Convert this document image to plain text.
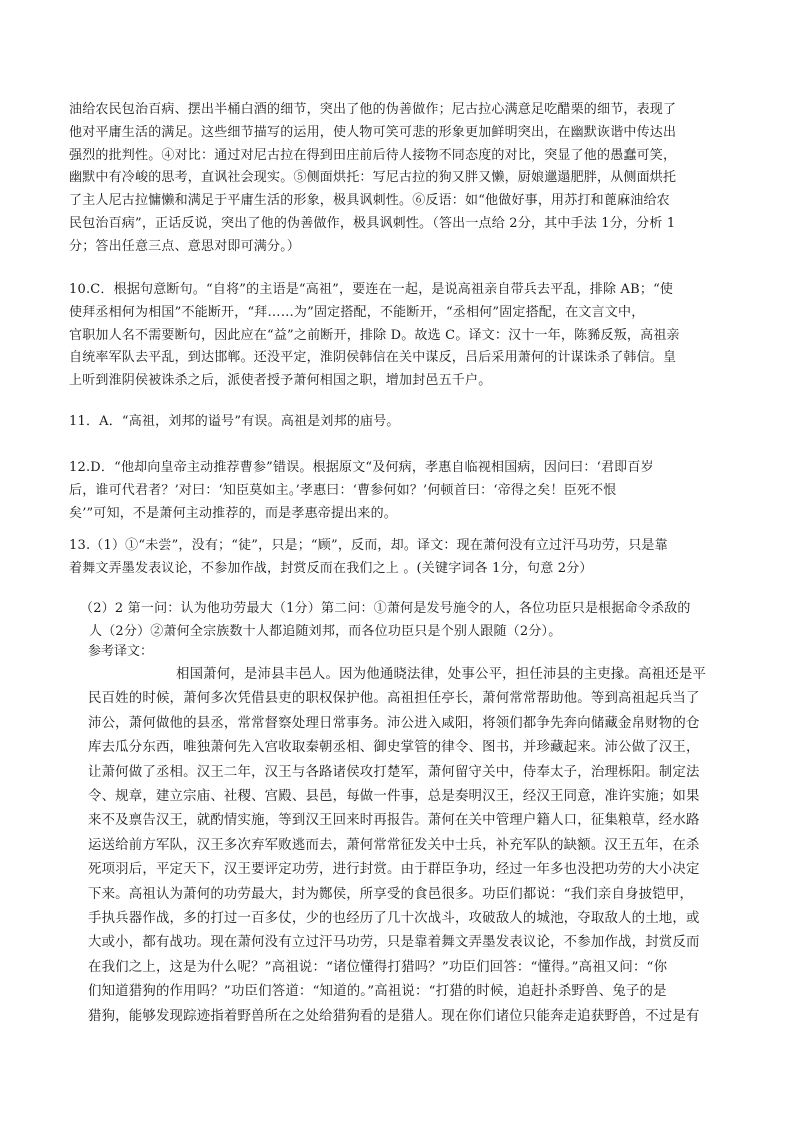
油给农民包治百病、摆出半桶白酒的细节，突出了他的伪善做作；尼古拉心满意足吃醋栗的细节，表现了
他对平庸生活的满足。这些细节描写的运用，使人物可笑可悲的形象更加鲜明突出，在幽默诙谐中传达出
强烈的批判性。④对比：通过对尼古拉在得到田庄前后待人接物不同态度的对比，突显了他的愚蠢可笑，
幽默中有冷峻的思考，直讽社会现实。⑤侧面烘托：写尼古拉的狗又胖又懒，厨娘邋遢肥胖，从侧面烘托
了主人尼古拉慵懒和满足于平庸生活的形象，极具讽刺性。⑥反语：如“他做好事，用苏打和蓖麻油给农
民包治百病”，正话反说，突出了他的伪善做作，极具讽刺性。（答出一点给 2分，其中手法 1分，分析 1
分；答出任意三点、意思对即可满分。）
10.C．根据句意断句。“自将”的主语是“高祖”，要连在一起，是说高祖亲自带兵去平乱，排除 AB；“使
使拜丞相何为相国”不能断开，“拜……为”固定搭配，不能断开，“丞相何”固定搭配，在文言文中，
官职加人名不需要断句，因此应在“益”之前断开，排除 D。故选 C。译文：汉十一年，陈豨反叛，高祖亲
自统率军队去平乱，到达邯郸。还没平定，淮阴侯韩信在关中谋反，吕后采用萧何的计谋诛杀了韩信。皇
上听到淮阴侯被诛杀之后，派使者授予萧何相国之职，增加封邑五千户。
11．A．“高祖，刘邦的谥号”有误。高祖是刘邦的庙号。
12.D．“他却向皇帝主动推荐曹参”错误。根据原文“及何病，孝惠自临视相国病，因问曰：‘君即百岁
后，谁可代君者？’对曰：‘知臣莫如主。’孝惠曰：‘曹参何如？’何顿首曰：‘帝得之矣！臣死不恨
矣’”可知，不是萧何主动推荐的，而是孝惠帝提出来的。
13.（1）①“未尝”，没有；“徒”，只是；“顾”，反而，却。译文：现在萧何没有立过汗马功劳，只是靠
着舞文弄墨发表议论，不参加作战，封赏反而在我们之上 。(关键字词各 1分，句意 2分）
（2）2 第一问：认为他功劳最大（1分）第二问：①萧何是发号施令的人，各位功臣只是根据命令杀敌的
人（2分）②萧何全宗族数十人都追随刘邦，而各位功臣只是个别人跟随（2分）。
参考译文：
相国萧何，是沛县丰邑人。因为他通晓法律，处事公平，担任沛县的主吏掾。高祖还是平
民百姓的时候，萧何多次凭借县吏的职权保护他。高祖担任亭长，萧何常常帮助他。等到高祖起兵当了
沛公，萧何做他的县丞，常常督察处理日常事务。沛公进入咸阳，将领们都争先奔向储藏金帛财物的仓
库去瓜分东西，唯独萧何先入宫收取秦朝丞相、御史掌管的律令、图书，并珍藏起来。沛公做了汉王，
让萧何做了丞相。汉王二年，汉王与各路诸侯攻打楚军，萧何留守关中，侍奉太子，治理栎阳。制定法
令、规章，建立宗庙、社稷、宫殿、县邑，每做一件事，总是奏明汉王，经汉王同意，准许实施；如果
来不及禀告汉王，就酌情实施，等到汉王回来时再报告。萧何在关中管理户籍人口，征集粮草，经水路
运送给前方军队，汉王多次弃军败逃而去，萧何常常征发关中士兵，补充军队的缺额。汉王五年，在杀
死项羽后，平定天下，汉王要评定功劳，进行封赏。由于群臣争功，经过一年多也没把功劳的大小决定
下来。高祖认为萧何的功劳最大，封为酂侯，所享受的食邑很多。功臣们都说：“我们亲自身披铠甲，
手执兵器作战，多的打过一百多仗，少的也经历了几十次战斗，攻破敌人的城池，夺取敌人的土地，或
大或小，都有战功。现在萧何没有立过汗马功劳，只是靠着舞文弄墨发表议论，不参加作战，封赏反而
在我们之上，这是为什么呢？”高祖说：“诸位懂得打猎吗？”功臣们回答：“懂得。”高祖又问：“你
们知道猎狗的作用吗？”功臣们答道：“知道的。”高祖说：“打猎的时候，追赶扑杀野兽、兔子的是
猎狗，能够发现踪迹指着野兽所在之处给猎狗看的是猎人。现在你们诸位只能奔走追获野兽，不过是有
